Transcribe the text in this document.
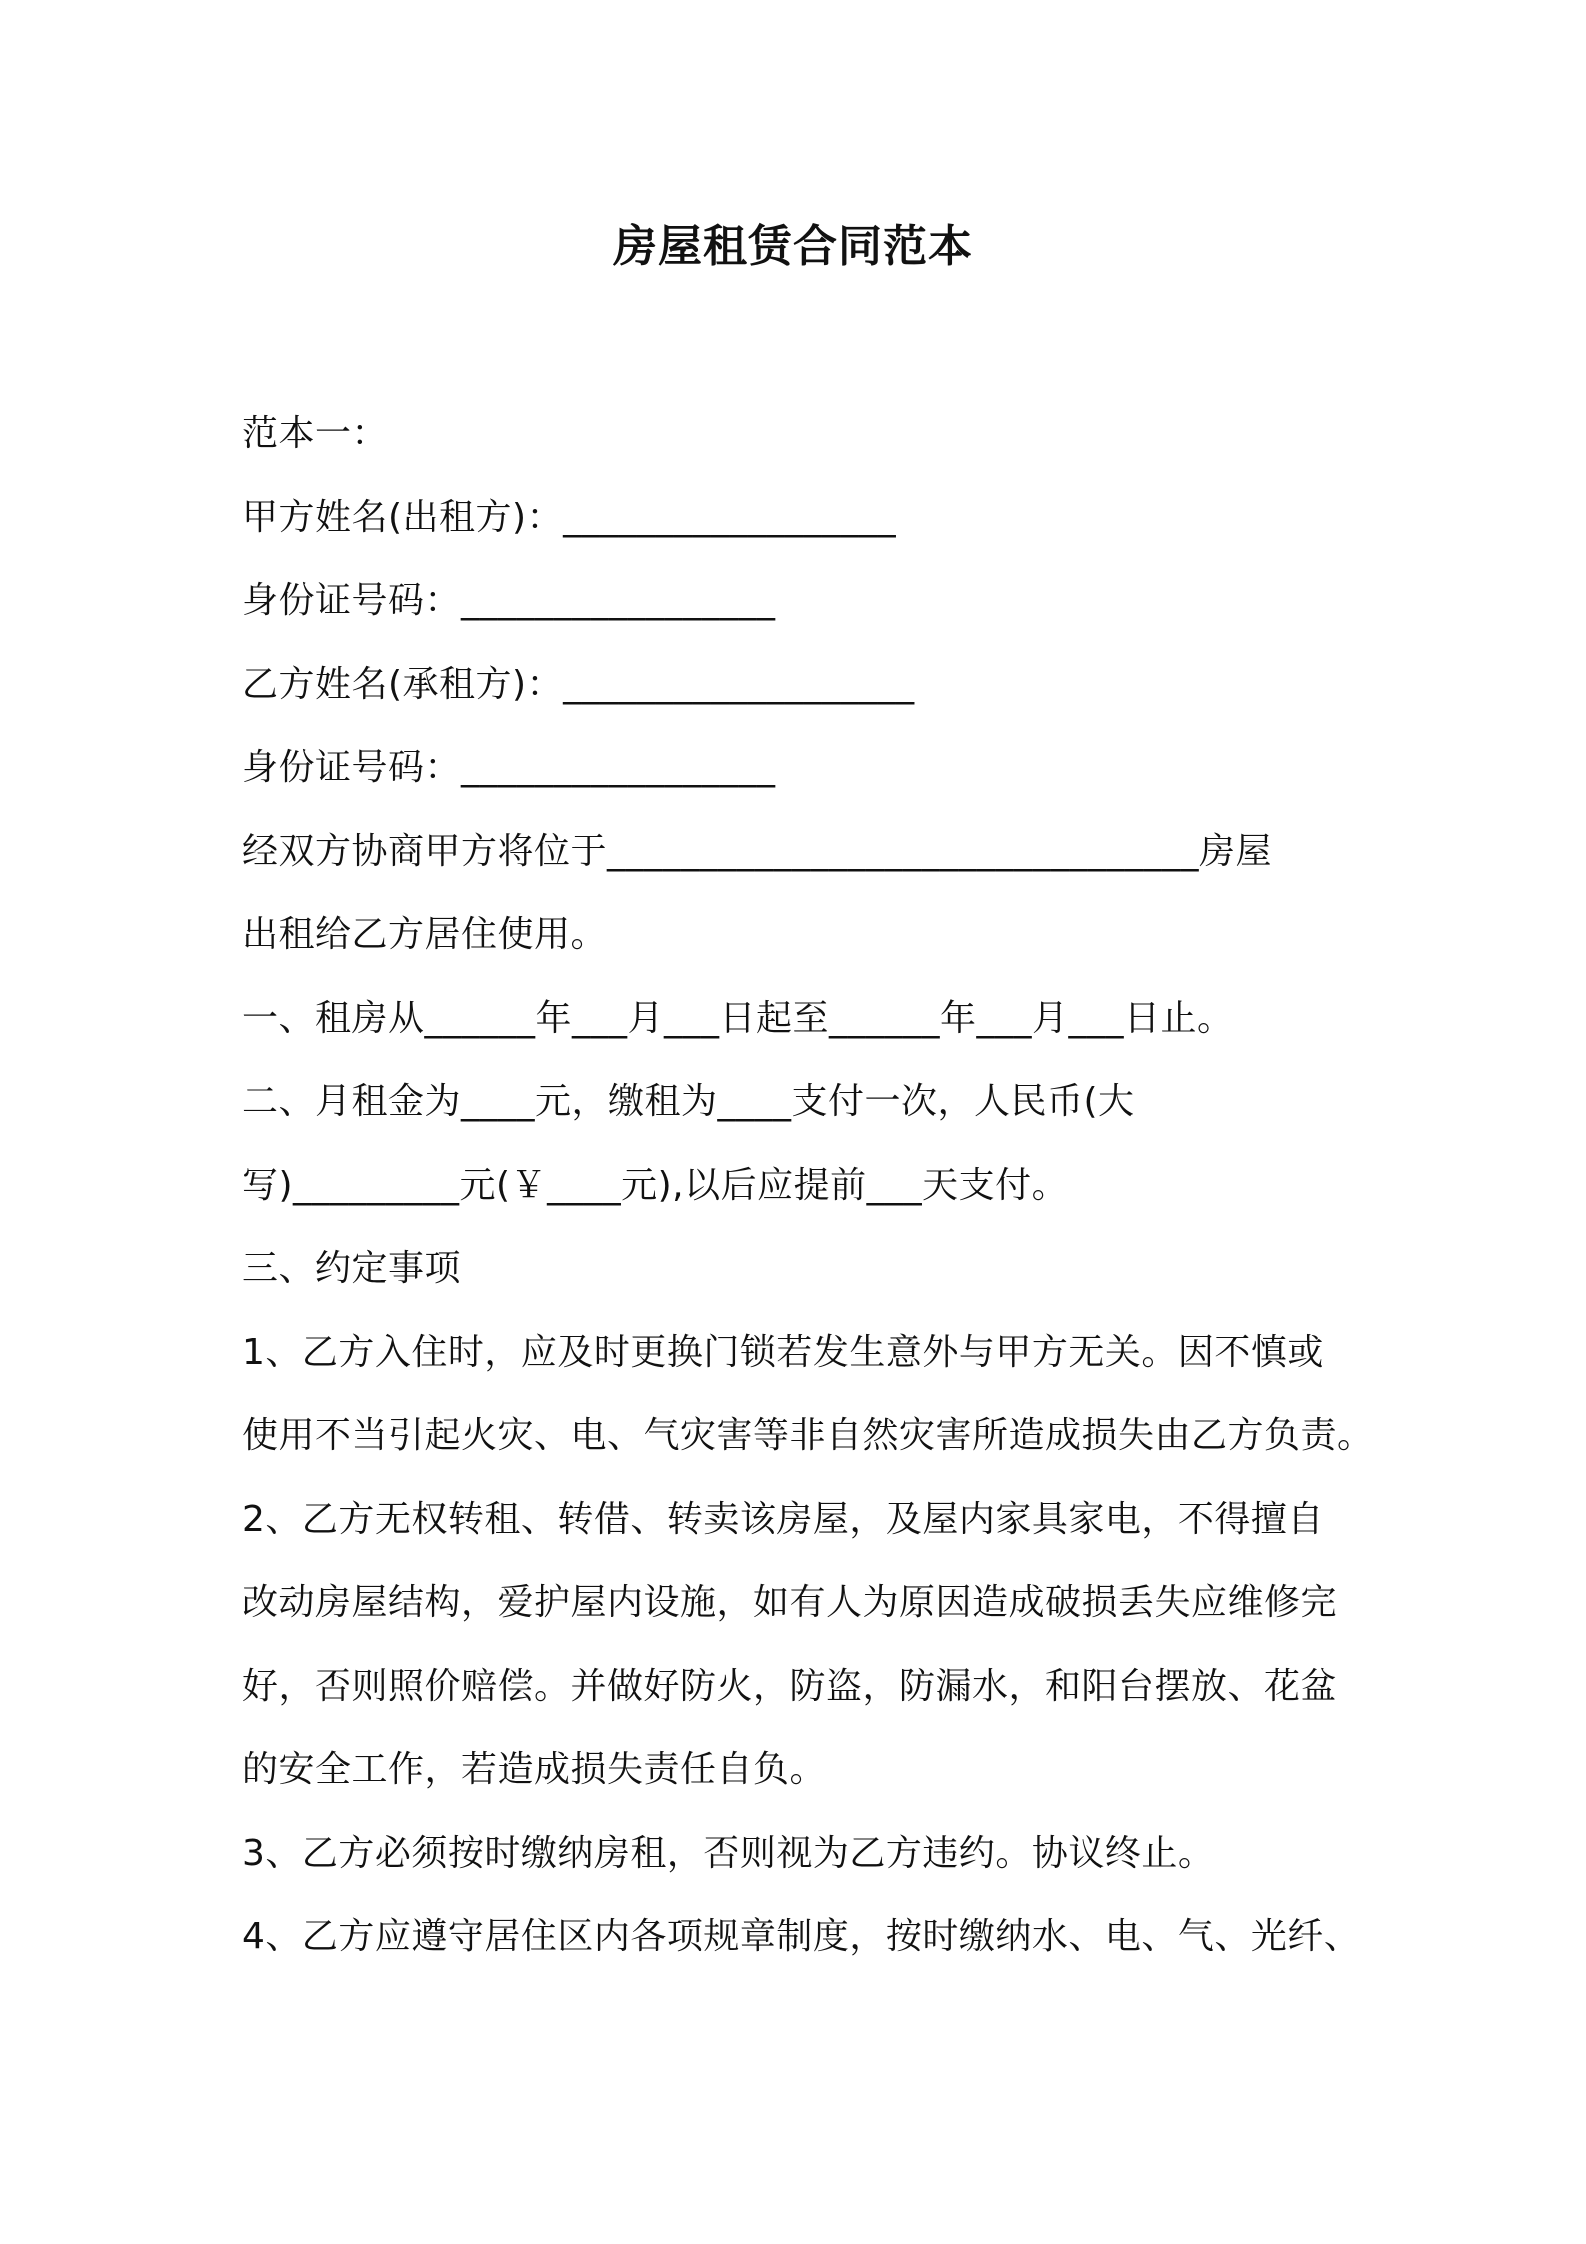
房屋租赁合同范本
范本一：
甲方姓名(出租方)：__________________
身份证号码：_________________
乙方姓名(承租方)：___________________
身份证号码：_________________
经双方协商甲方将位于________________________________房屋
出租给乙方居住使用。
一、租房从______年___月___日起至______年___月___日止。
二、月租金为____元，缴租为____支付一次，人民币(大
写)_________元(￥____元),以后应提前___天支付。
三、约定事项
1、乙方入住时，应及时更换门锁若发生意外与甲方无关。因不慎或
使用不当引起火灾、电、气灾害等非自然灾害所造成损失由乙方负责。
2、乙方无权转租、转借、转卖该房屋，及屋内家具家电，不得擅自
改动房屋结构，爱护屋内设施，如有人为原因造成破损丢失应维修完
好，否则照价赔偿。并做好防火，防盗，防漏水，和阳台摆放、花盆
的安全工作，若造成损失责任自负。
3、乙方必须按时缴纳房租，否则视为乙方违约。协议终止。
4、乙方应遵守居住区内各项规章制度，按时缴纳水、电、气、光纤、
